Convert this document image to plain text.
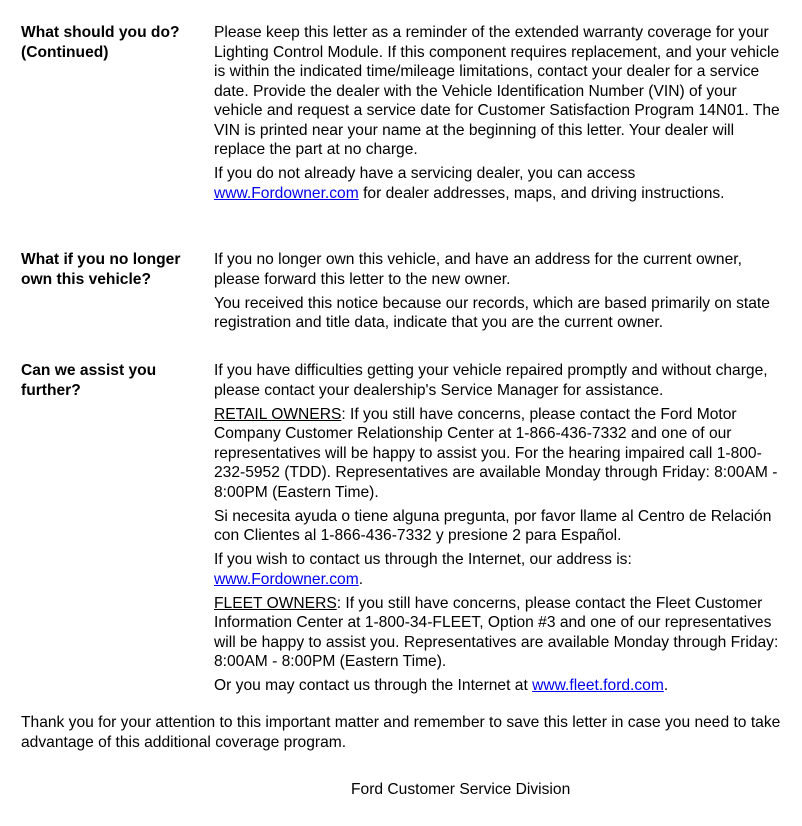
What should you do?
(Continued)

Please keep this letter as a reminder of the extended warranty coverage for your Lighting Control Module. If this component requires replacement, and your vehicle is within the indicated time/mileage limitations, contact your dealer for a service date. Provide the dealer with the Vehicle Identification Number (VIN) of your vehicle and request a service date for Customer Satisfaction Program 14N01. The VIN is printed near your name at the beginning of this letter. Your dealer will replace the part at no charge.

If you do not already have a servicing dealer, you can access www.Fordowner.com for dealer addresses, maps, and driving instructions.

What if you no longer
own this vehicle?

If you no longer own this vehicle, and have an address for the current owner, please forward this letter to the new owner.

You received this notice because our records, which are based primarily on state registration and title data, indicate that you are the current owner.

Can we assist you
further?

If you have difficulties getting your vehicle repaired promptly and without charge, please contact your dealership's Service Manager for assistance.

RETAIL OWNERS: If you still have concerns, please contact the Ford Motor Company Customer Relationship Center at 1-866-436-7332 and one of our representatives will be happy to assist you. For the hearing impaired call 1-800-232-5952 (TDD). Representatives are available Monday through Friday: 8:00AM - 8:00PM (Eastern Time).

Si necesita ayuda o tiene alguna pregunta, por favor llame al Centro de Relación con Clientes al 1-866-436-7332 y presione 2 para Español.

If you wish to contact us through the Internet, our address is: www.Fordowner.com.

FLEET OWNERS: If you still have concerns, please contact the Fleet Customer Information Center at 1-800-34-FLEET, Option #3 and one of our representatives will be happy to assist you. Representatives are available Monday through Friday: 8:00AM - 8:00PM (Eastern Time).

Or you may contact us through the Internet at www.fleet.ford.com.

Thank you for your attention to this important matter and remember to save this letter in case you need to take advantage of this additional coverage program.

Ford Customer Service Division
